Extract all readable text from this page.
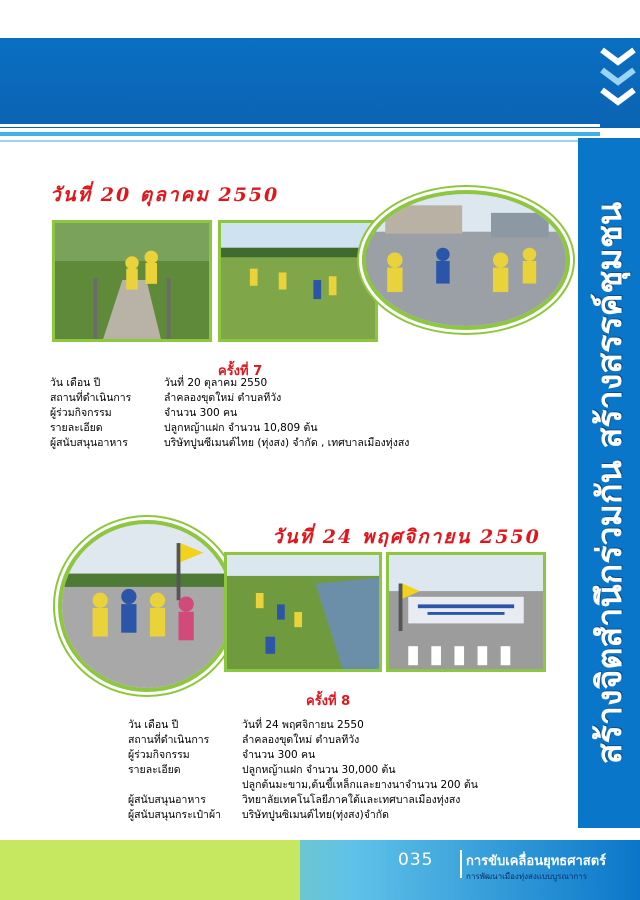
สร้างจิตสำนึกร่วมกัน สร้างสรรค์ชุมชน
วันที่ 20 ตุลาคม 2550
ครั้งที่ 7
วัน เดือน ปี	วันที่ 20 ตุลาคม 2550
สถานที่ดำเนินการ	ลำคลองขุดใหม่ ตำบลทีวัง
ผู้ร่วมกิจกรรม	จำนวน 300 คน
รายละเอียด	ปลูกหญ้าแฝก จำนวน 10,809 ต้น
ผู้สนับสนุนอาหาร	บริษัทปูนซีเมนต์ไทย (ทุ่งสง) จำกัด , เทศบาลเมืองทุ่งสง
วันที่ 24 พฤศจิกายน 2550
ครั้งที่ 8
วัน เดือน ปี	วันที่ 24 พฤศจิกายน 2550
สถานที่ดำเนินการ	ลำคลองขุดใหม่ ตำบลทีวัง
ผู้ร่วมกิจกรรม	จำนวน 300 คน
รายละเอียด	ปลูกหญ้าแฝก จำนวน 30,000 ต้น
ปลูกต้นมะขาม,ต้นขี้เหล็กและยางนาจำนวน 200 ต้น
ผู้สนับสนุนอาหาร	วิทยาลัยเทคโนโลยีภาคใต้และเทศบาลเมืองทุ่งสง
ผู้สนับสนุนกระเป๋าผ้า	บริษัทปูนซิเมนต์ไทย(ทุ่งสง)จำกัด
035	การขับเคลื่อนยุทธศาสตร์
การพัฒนาเมืองทุ่งสงแบบบูรณาการ
